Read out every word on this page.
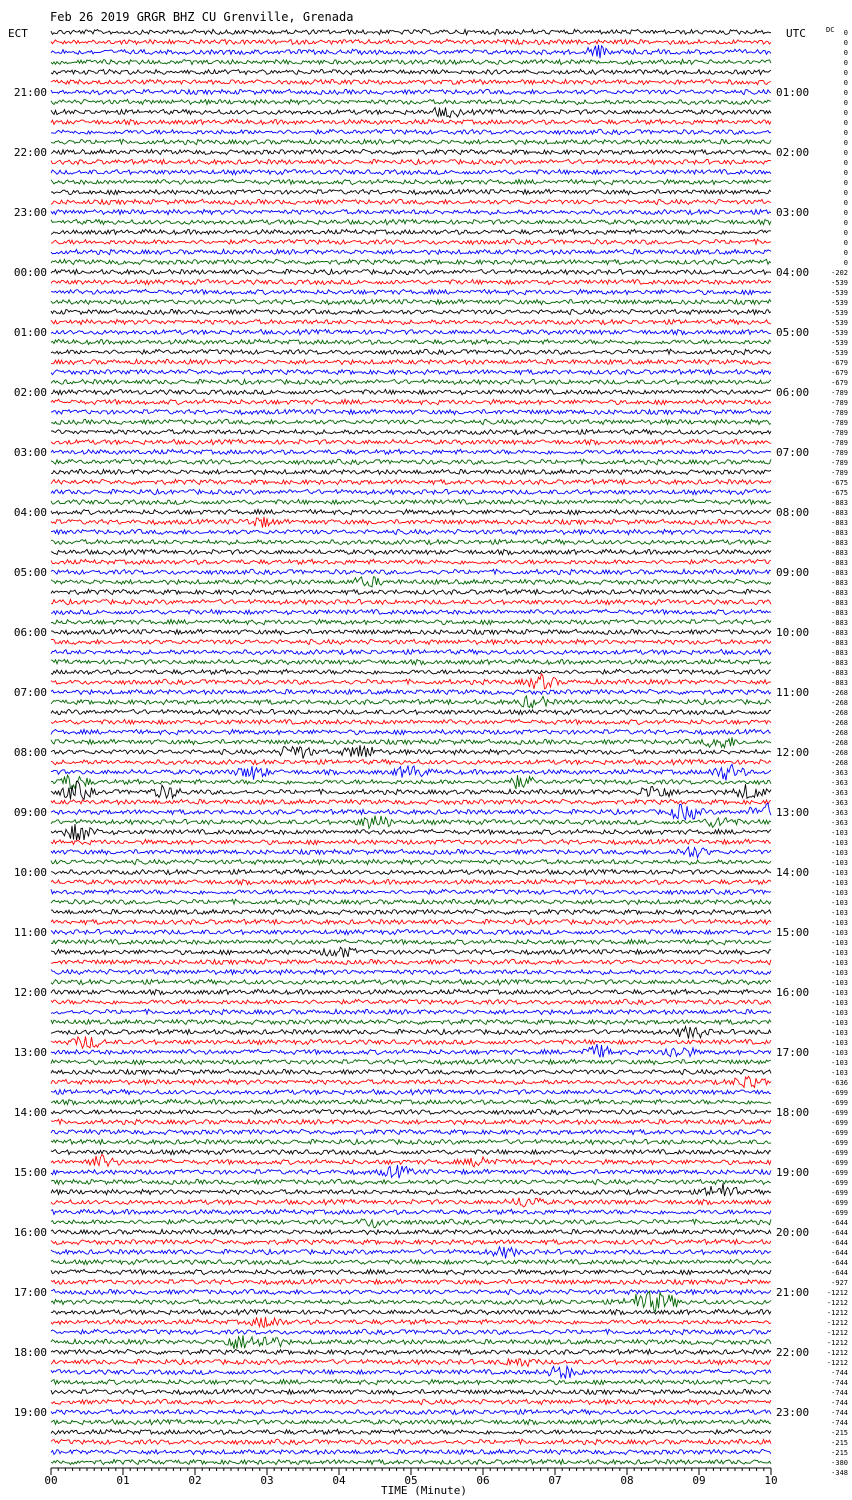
Feb 26 2019 GRGR BHZ CU Grenville, Grenada
ECT	UTC	DC
21:00
22:00
23:00
00:00
01:00
02:00
03:00
04:00
05:00
06:00
07:00
08:00
09:00
10:00
11:00
12:00
13:00
14:00
15:00
16:00
17:00
18:00
19:00
01:00
02:00
03:00
04:00
05:00
06:00
07:00
08:00
09:00
10:00
11:00
12:00
13:00
14:00
15:00
16:00
17:00
18:00
19:00
20:00
21:00
22:00
23:00
0
0
0
0
0
0
0
0
0
0
0
0
0
0
0
0
0
0
0
0
0
0
0
0
-202
-539
-539
-539
-539
-539
-539
-539
-539
-679
-679
-679
-789
-789
-789
-789
-789
-789
-789
-789
-789
-675
-675
-883
-883
-883
-883
-883
-883
-883
-883
-883
-883
-883
-883
-883
-883
-883
-883
-883
-883
-883
-268
-268
-268
-268
-268
-268
-268
-268
-363
-363
-363
-363
-363
-363
-103
-103
-103
-103
-103
-103
-103
-103
-103
-103
-103
-103
-103
-103
-103
-103
-103
-103
-103
-103
-103
-103
-103
-103
-103
-636
-699
-699
-699
-699
-699
-699
-699
-699
-699
-699
-699
-699
-699
-644
-644
-644
-644
-644
-644
-927
-1212
-1212
-1212
-1212
-1212
-1212
-1212
-1212
-744
-744
-744
-744
-744
-744
-215
-215
-215
-380
-348
00	01	02	03	04	05	06	07	08	09	10
TIME (Minute)
